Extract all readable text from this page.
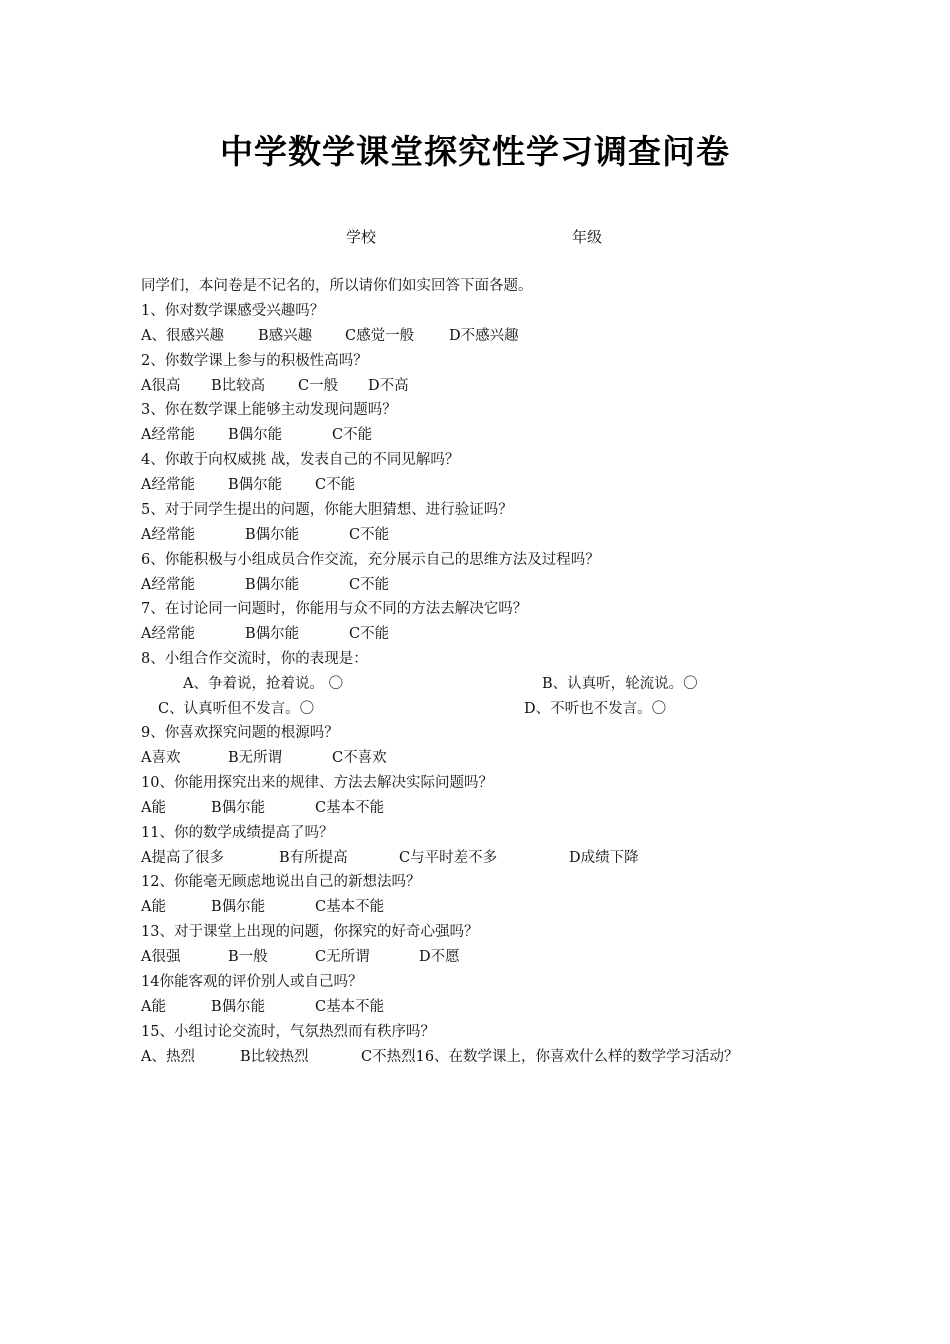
中学数学课堂探究性学习调查问卷
学校	年级
同学们，本问卷是不记名的，所以请你们如实回答下面各题。
1、你对数学课感受兴趣吗？
A、很感兴趣 B感兴趣 C感觉一般 D不感兴趣
2、你数学课上参与的积极性高吗？
A很高 B比较高 C一般 D不高
3、你在数学课上能够主动发现问题吗？
A经常能 B偶尔能	C不能
4、你敢于向权威挑 战，发表自己的不同见解吗？
A经常能 B偶尔能 C不能
5、对于同学生提出的问题，你能大胆猜想、进行验证吗？
A经常能	B偶尔能	C不能
6、你能积极与小组成员合作交流，充分展示自己的思维方法及过程吗？
A经常能	B偶尔能	C不能
7、在讨论同一问题时，你能用与众不同的方法去解决它吗？
A经常能	B偶尔能	C不能
8、小组合作交流时，你的表现是：
A、争着说，抢着说。 〇	B、认真听，轮流说。〇
C、认真听但不发言。〇	D、不听也不发言。〇
9、你喜欢探究问题的根源吗？
A喜欢	B无所谓	C不喜欢
10、你能用探究出来的规律、方法去解决实际问题吗？
A能	B偶尔能	C基本不能
11、你的数学成绩提高了吗？
A提高了很多	B有所提高	C与平时差不多	D成绩下降
12、你能毫无顾虑地说出自己的新想法吗？
A能	B偶尔能	C基本不能
13、对于课堂上出现的问题，你探究的好奇心强吗？
A很强	B一般	C无所谓	D不愿
14你能客观的评价别人或自己吗？
A能	B偶尔能	C基本不能
15、小组讨论交流时，气氛热烈而有秩序吗？
A、热烈	B比较热烈	C不热烈16、在数学课上，你喜欢什么样的数学学习活动？
